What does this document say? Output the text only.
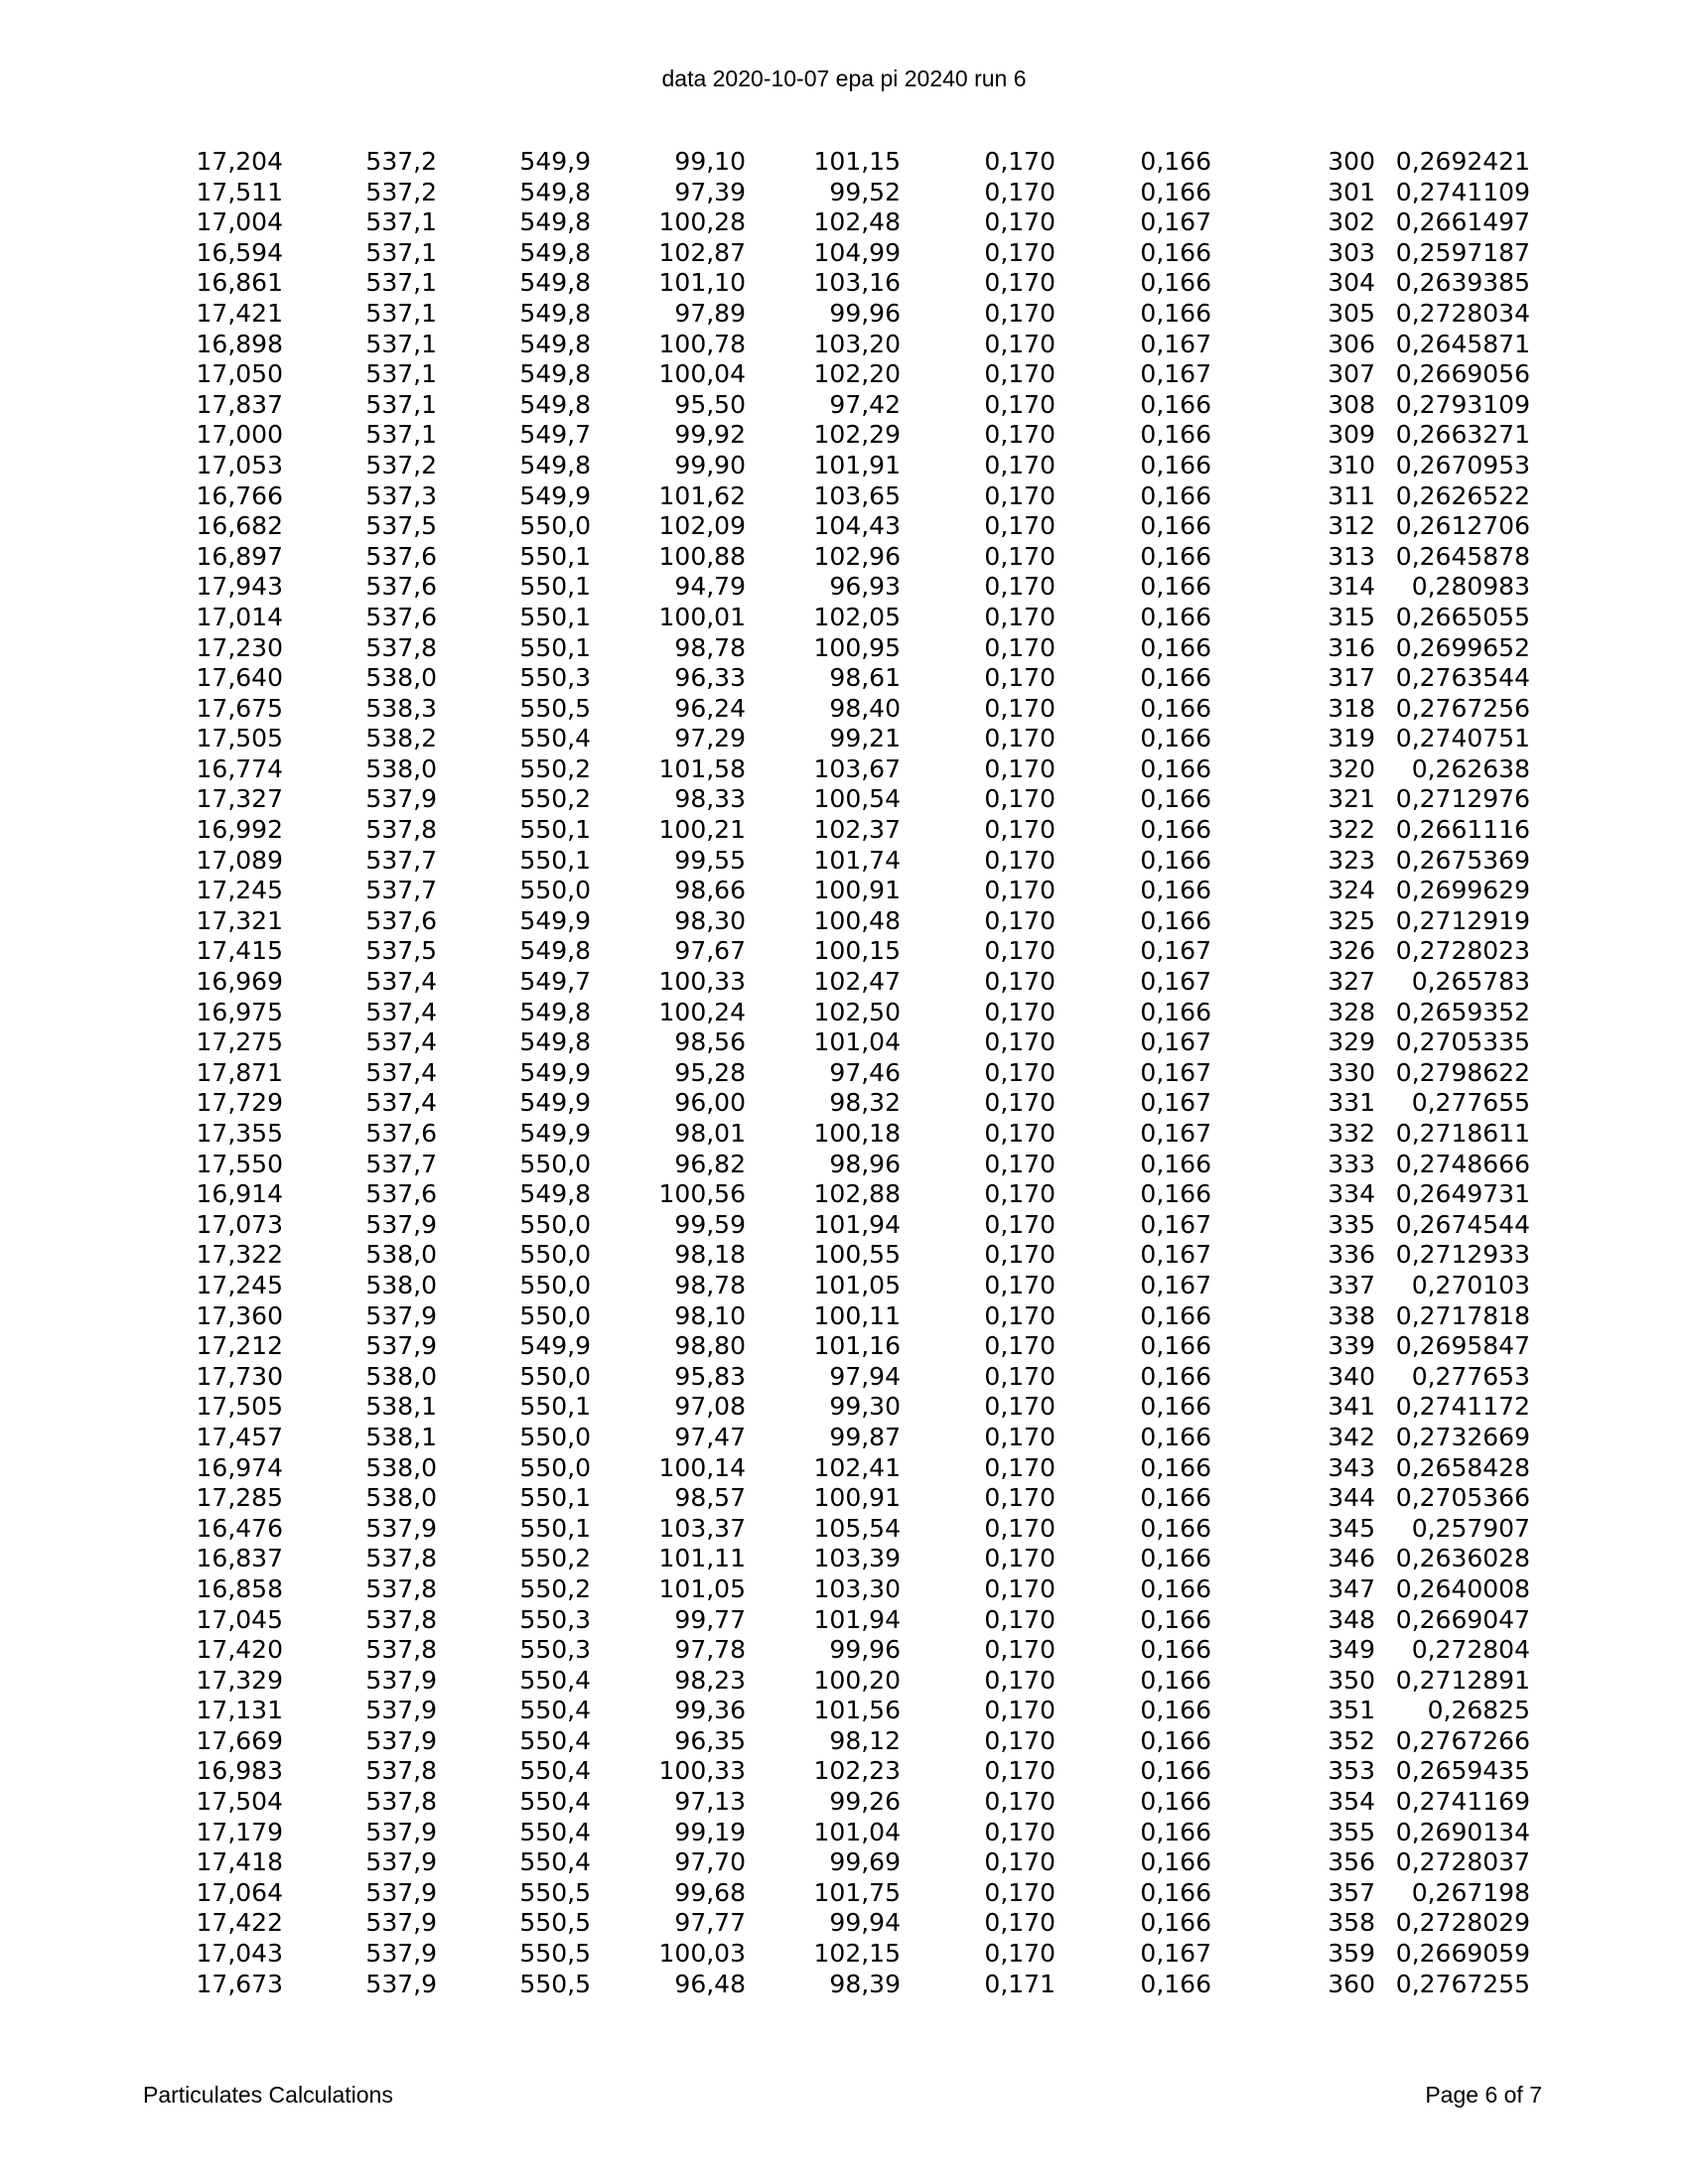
data 2020-10-07 epa pi 20240 run 6
17,204	537,2	549,9	99,10	101,15	0,170	0,166	300	0,2692421
17,511	537,2	549,8	97,39	99,52	0,170	0,166	301	0,2741109
17,004	537,1	549,8	100,28	102,48	0,170	0,167	302	0,2661497
16,594	537,1	549,8	102,87	104,99	0,170	0,166	303	0,2597187
16,861	537,1	549,8	101,10	103,16	0,170	0,166	304	0,2639385
17,421	537,1	549,8	97,89	99,96	0,170	0,166	305	0,2728034
16,898	537,1	549,8	100,78	103,20	0,170	0,167	306	0,2645871
17,050	537,1	549,8	100,04	102,20	0,170	0,167	307	0,2669056
17,837	537,1	549,8	95,50	97,42	0,170	0,166	308	0,2793109
17,000	537,1	549,7	99,92	102,29	0,170	0,166	309	0,2663271
17,053	537,2	549,8	99,90	101,91	0,170	0,166	310	0,2670953
16,766	537,3	549,9	101,62	103,65	0,170	0,166	311	0,2626522
16,682	537,5	550,0	102,09	104,43	0,170	0,166	312	0,2612706
16,897	537,6	550,1	100,88	102,96	0,170	0,166	313	0,2645878
17,943	537,6	550,1	94,79	96,93	0,170	0,166	314	0,280983
17,014	537,6	550,1	100,01	102,05	0,170	0,166	315	0,2665055
17,230	537,8	550,1	98,78	100,95	0,170	0,166	316	0,2699652
17,640	538,0	550,3	96,33	98,61	0,170	0,166	317	0,2763544
17,675	538,3	550,5	96,24	98,40	0,170	0,166	318	0,2767256
17,505	538,2	550,4	97,29	99,21	0,170	0,166	319	0,2740751
16,774	538,0	550,2	101,58	103,67	0,170	0,166	320	0,262638
17,327	537,9	550,2	98,33	100,54	0,170	0,166	321	0,2712976
16,992	537,8	550,1	100,21	102,37	0,170	0,166	322	0,2661116
17,089	537,7	550,1	99,55	101,74	0,170	0,166	323	0,2675369
17,245	537,7	550,0	98,66	100,91	0,170	0,166	324	0,2699629
17,321	537,6	549,9	98,30	100,48	0,170	0,166	325	0,2712919
17,415	537,5	549,8	97,67	100,15	0,170	0,167	326	0,2728023
16,969	537,4	549,7	100,33	102,47	0,170	0,167	327	0,265783
16,975	537,4	549,8	100,24	102,50	0,170	0,166	328	0,2659352
17,275	537,4	549,8	98,56	101,04	0,170	0,167	329	0,2705335
17,871	537,4	549,9	95,28	97,46	0,170	0,167	330	0,2798622
17,729	537,4	549,9	96,00	98,32	0,170	0,167	331	0,277655
17,355	537,6	549,9	98,01	100,18	0,170	0,167	332	0,2718611
17,550	537,7	550,0	96,82	98,96	0,170	0,166	333	0,2748666
16,914	537,6	549,8	100,56	102,88	0,170	0,166	334	0,2649731
17,073	537,9	550,0	99,59	101,94	0,170	0,167	335	0,2674544
17,322	538,0	550,0	98,18	100,55	0,170	0,167	336	0,2712933
17,245	538,0	550,0	98,78	101,05	0,170	0,167	337	0,270103
17,360	537,9	550,0	98,10	100,11	0,170	0,166	338	0,2717818
17,212	537,9	549,9	98,80	101,16	0,170	0,166	339	0,2695847
17,730	538,0	550,0	95,83	97,94	0,170	0,166	340	0,277653
17,505	538,1	550,1	97,08	99,30	0,170	0,166	341	0,2741172
17,457	538,1	550,0	97,47	99,87	0,170	0,166	342	0,2732669
16,974	538,0	550,0	100,14	102,41	0,170	0,166	343	0,2658428
17,285	538,0	550,1	98,57	100,91	0,170	0,166	344	0,2705366
16,476	537,9	550,1	103,37	105,54	0,170	0,166	345	0,257907
16,837	537,8	550,2	101,11	103,39	0,170	0,166	346	0,2636028
16,858	537,8	550,2	101,05	103,30	0,170	0,166	347	0,2640008
17,045	537,8	550,3	99,77	101,94	0,170	0,166	348	0,2669047
17,420	537,8	550,3	97,78	99,96	0,170	0,166	349	0,272804
17,329	537,9	550,4	98,23	100,20	0,170	0,166	350	0,2712891
17,131	537,9	550,4	99,36	101,56	0,170	0,166	351	0,26825
17,669	537,9	550,4	96,35	98,12	0,170	0,166	352	0,2767266
16,983	537,8	550,4	100,33	102,23	0,170	0,166	353	0,2659435
17,504	537,8	550,4	97,13	99,26	0,170	0,166	354	0,2741169
17,179	537,9	550,4	99,19	101,04	0,170	0,166	355	0,2690134
17,418	537,9	550,4	97,70	99,69	0,170	0,166	356	0,2728037
17,064	537,9	550,5	99,68	101,75	0,170	0,166	357	0,267198
17,422	537,9	550,5	97,77	99,94	0,170	0,166	358	0,2728029
17,043	537,9	550,5	100,03	102,15	0,170	0,167	359	0,2669059
17,673	537,9	550,5	96,48	98,39	0,171	0,166	360	0,2767255
Particulates Calculations	Page 6 of 7
